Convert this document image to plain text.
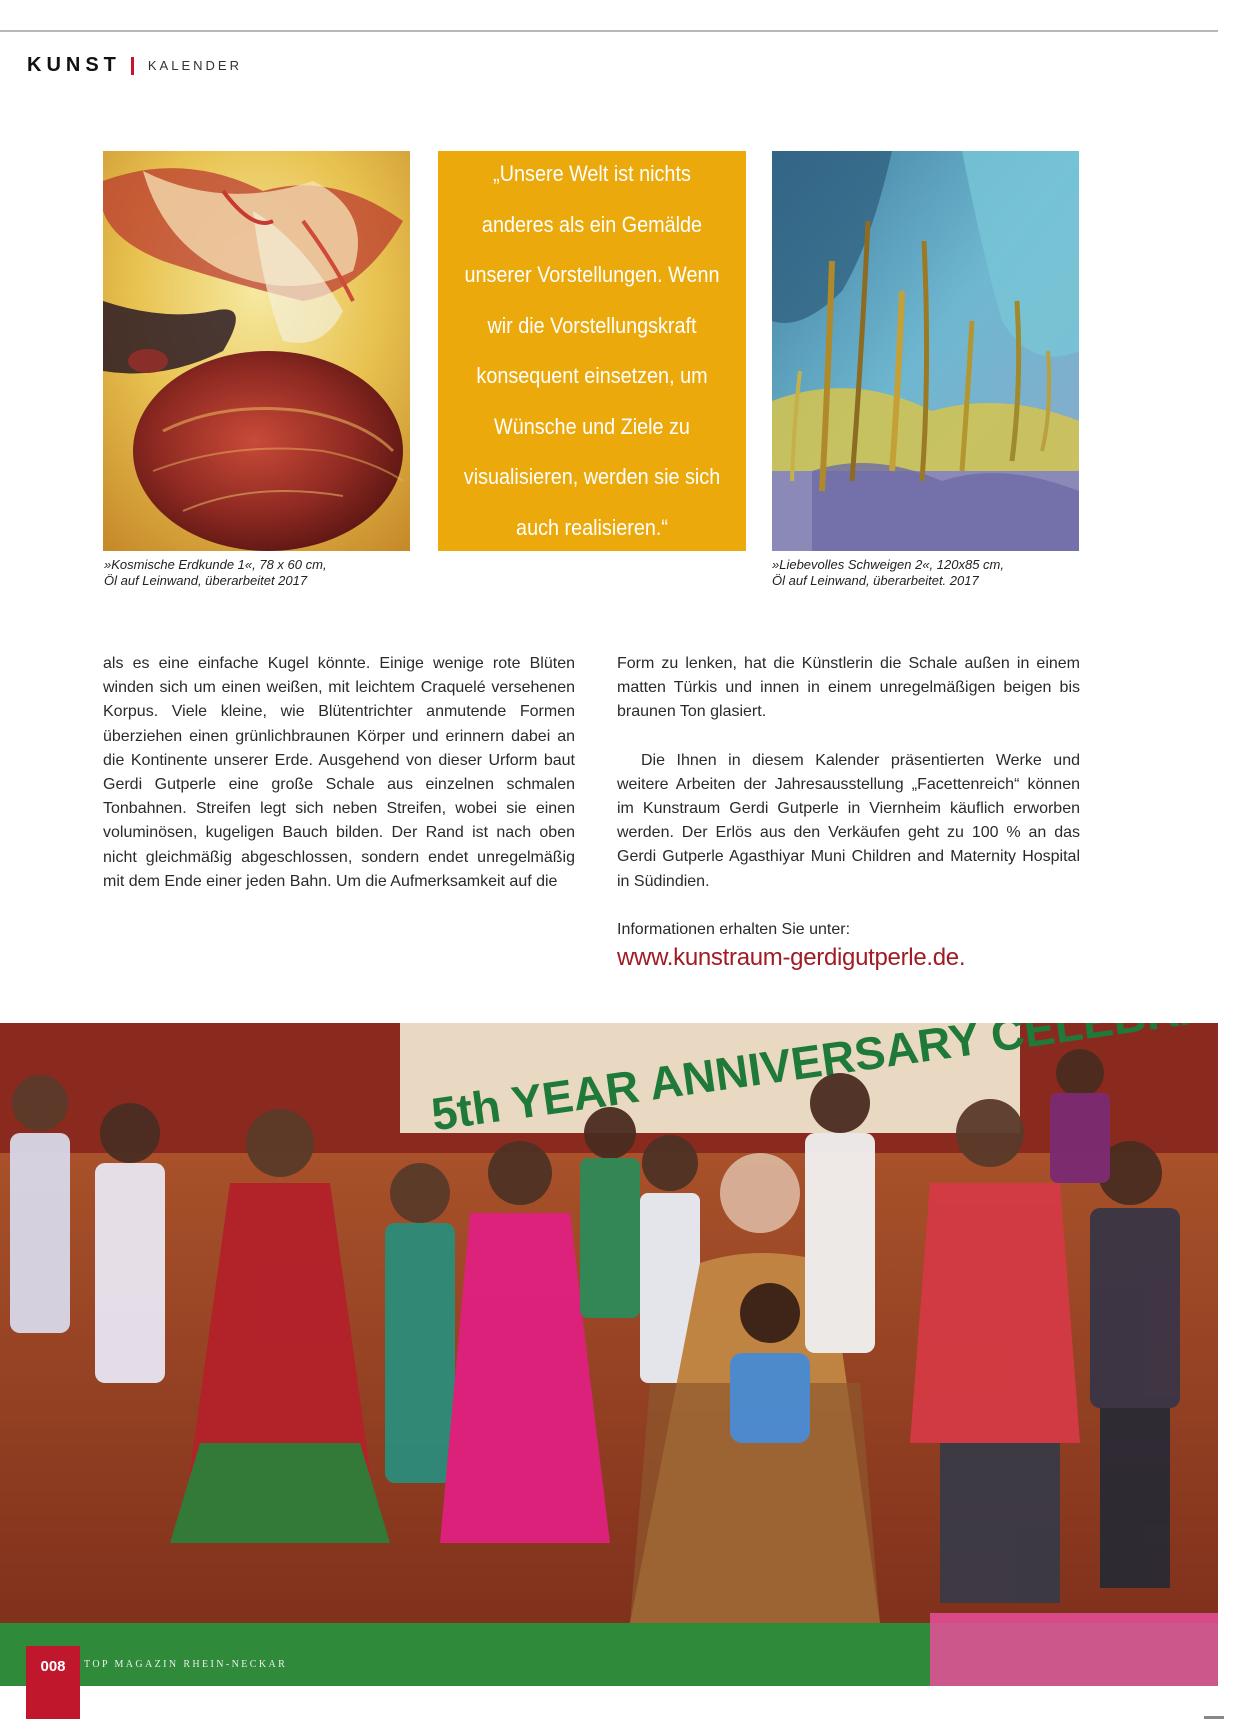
KUNST KALENDER

„Unsere Welt ist nichts anderes als ein Gemälde unserer Vorstellungen. Wenn wir die Vorstellungskraft konsequent einsetzen, um Wünsche und Ziele zu visualisieren, werden sie sich auch realisieren.“

»Kosmische Erdkunde 1«, 78 x 60 cm,
Öl auf Leinwand, überarbeitet 2017
»Liebevolles Schweigen 2«, 120x85 cm,
Öl auf Leinwand, überarbeitet. 2017

als es eine einfache Kugel könnte. Einige wenige rote Blüten winden sich um einen weißen, mit leichtem Craquelé versehenen Korpus. Viele kleine, wie Blütentrichter anmutende Formen überziehen einen grünlichbraunen Körper und erinnern dabei an die Kontinente unserer Erde. Ausgehend von dieser Urform baut Gerdi Gutperle eine große Schale aus einzelnen schmalen Tonbahnen. Streifen legt sich neben Streifen, wobei sie einen voluminösen, kugeligen Bauch bilden. Der Rand ist nach oben nicht gleichmäßig abgeschlossen, sondern endet unregelmäßig mit dem Ende einer jeden Bahn. Um die Aufmerksamkeit auf die

Form zu lenken, hat die Künstlerin die Schale außen in einem matten Türkis und innen in einem unregelmäßigen beigen bis braunen Ton glasiert.

Die Ihnen in diesem Kalender präsentierten Werke und weitere Arbeiten der Jahresausstellung „Facettenreich“ können im Kunstraum Gerdi Gutperle in Viernheim käuflich erworben werden. Der Erlös aus den Verkäufen geht zu 100 % an das Gerdi Gutperle Agasthiyar Muni Children and Maternity Hospital in Südindien.

Informationen erhalten Sie unter:

www.kunstraum-gerdigutperle.de.
5th YEAR ANNIVERSARY
008	TOP MAGAZIN RHEIN-NECKAR
